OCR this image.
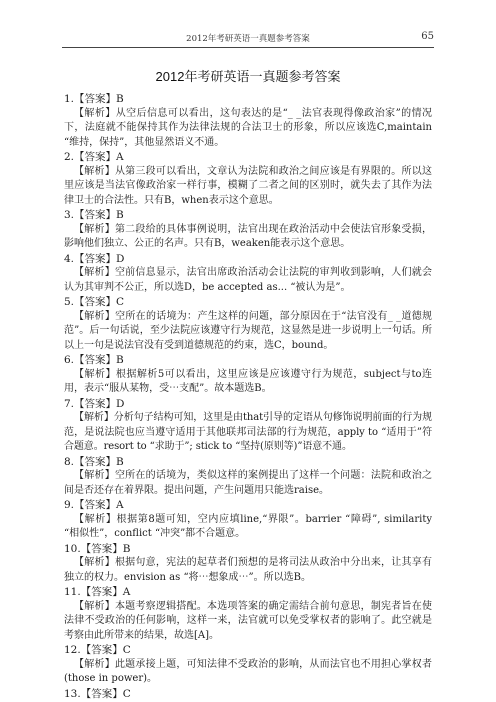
2012年考研英语一真题参考答案	65
2012年考研英语一真题参考答案
1.【答案】B

【解析】从空后信息可以看出，这句表达的是“_ _法官表现得像政治家”的情况下，法庭就不能保持其作为法律法规的合法卫士的形象，所以应该选C,maintain “维持，保持”，其他显然语义不通。

2.【答案】A

【解析】从第三段可以看出，文章认为法院和政治之间应该是有界限的。所以这里应该是当法官像政治家一样行事，模糊了二者之间的区别时，就失去了其作为法律卫士的合法性。只有B，when表示这个意思。

3.【答案】B

【解析】第二段给的具体事例说明，法官出现在政治活动中会使法官形象受损，影响他们独立、公正的名声。只有B，weaken能表示这个意思。

4.【答案】D

【解析】空前信息显示，法官出席政治活动会让法院的审判收到影响，人们就会认为其审判不公正，所以选D，be accepted as... “被认为是”。

5.【答案】C

【解析】空所在的话境为：产生这样的问题，部分原因在于“法官没有_ _道德规范”。后一句话说，至少法院应该遵守行为规范，这显然是进一步说明上一句话。所以上一句是说法官没有受到道德规范的约束，选C，bound。

6.【答案】B

【解析】根据解析5可以看出，这里应该是应该遵守行为规范，subject与to连用，表示“服从某物，受⋯支配”。故本题选B。

7.【答案】D

【解析】分析句子结构可知，这里是由that引导的定语从句修饰说明前面的行为规范，是说法院也应当遵守适用于其他联邦司法部的行为规范，apply to “适用于”符合题意。resort to “求助于”; stick to “坚持(原则等)”语意不通。

8.【答案】B

【解析】空所在的话境为，类似这样的案例提出了这样一个问题：法院和政治之间是否还存在着界限。提出问题，产生问题用只能选raise。

9.【答案】A

【解析】根据第8题可知，空内应填line,“界限”。barrier “障碍”, similarity “相似性”，conflict “冲突”都不合题意。

10.【答案】B

【解析】根据句意，宪法的起草者们预想的是将司法从政治中分出来，让其享有独立的权力。envision as “将⋯想象成⋯”。所以选B。

11.【答案】A

【解析】本题考察逻辑搭配。本选项答案的确定需结合前句意思，制宪者旨在使法律不受政治的任何影响，这样一来，法官就可以免受掌权者的影响了。此空就是考察由此所带来的结果，故选[A]。

12.【答案】C

【解析】此题承接上题，可知法律不受政治的影响，从而法官也不用担心掌权者(those in power)。

13.【答案】C
